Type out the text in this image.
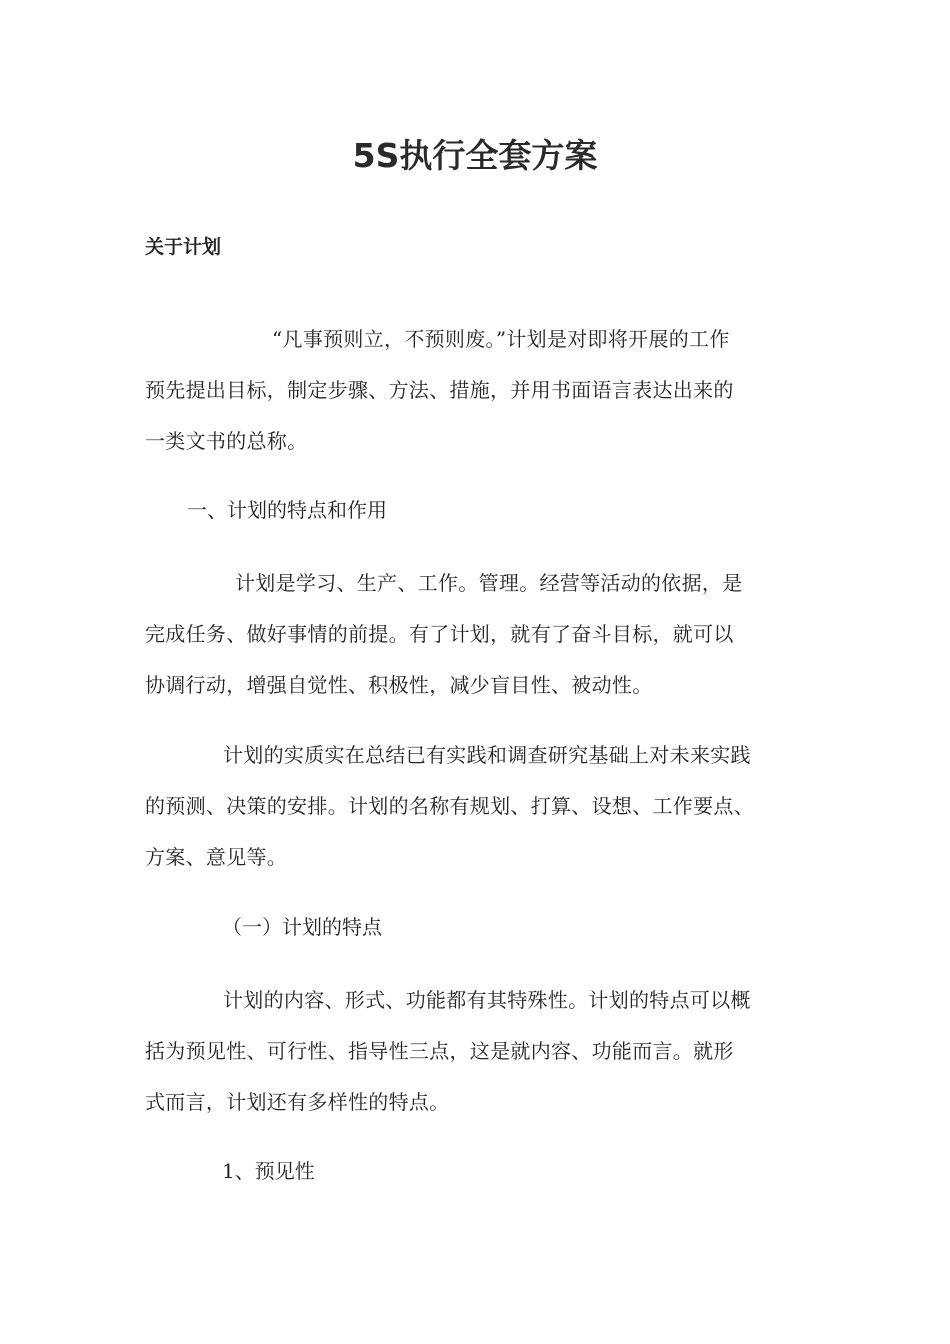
5S执行全套方案
关于计划
“凡事预则立，不预则废。”计划是对即将开展的工作
预先提出目标，制定步骤、方法、措施，并用书面语言表达出来的
一类文书的总称。
一、计划的特点和作用
计划是学习、生产、工作。管理。经营等活动的依据，是
完成任务、做好事情的前提。有了计划，就有了奋斗目标，就可以
协调行动，增强自觉性、积极性，减少盲目性、被动性。
计划的实质实在总结已有实践和调查研究基础上对未来实践
的预测、决策的安排。计划的名称有规划、打算、设想、工作要点、
方案、意见等。
（一）计划的特点
计划的内容、形式、功能都有其特殊性。计划的特点可以概
括为预见性、可行性、指导性三点，这是就内容、功能而言。就形
式而言，计划还有多样性的特点。
1、预见性
